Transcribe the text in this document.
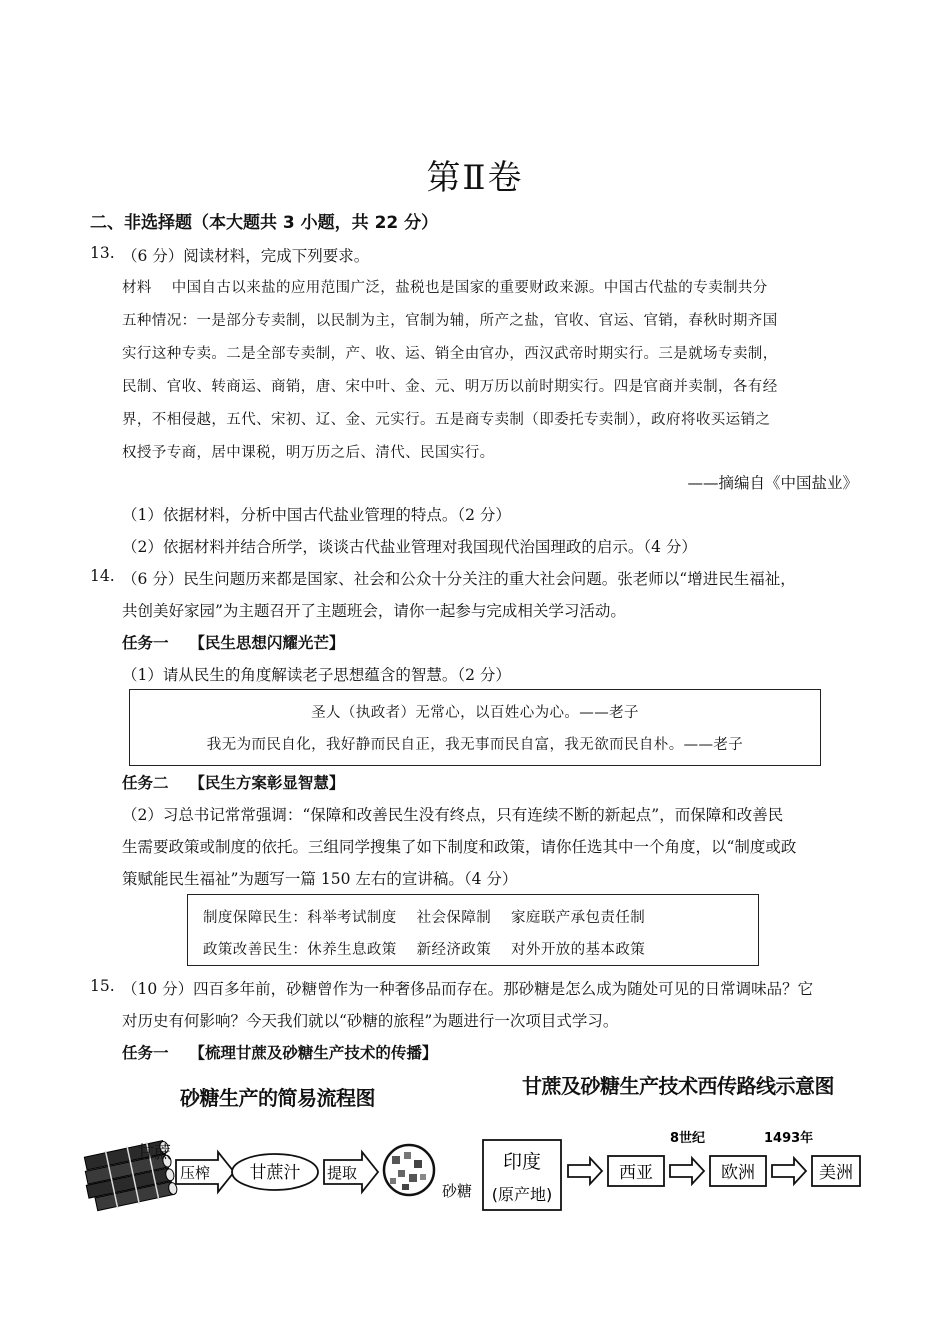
第Ⅱ卷
二、非选择题（本大题共 3 小题，共 22 分）
13. （6 分）阅读材料，完成下列要求。
材料　 中国自古以来盐的应用范围广泛，盐税也是国家的重要财政来源。中国古代盐的专卖制共分
五种情况：一是部分专卖制，以民制为主，官制为辅，所产之盐，官收、官运、官销，春秋时期齐国
实行这种专卖。二是全部专卖制，产、收、运、销全由官办，西汉武帝时期实行。三是就场专卖制，
民制、官收、转商运、商销，唐、宋中叶、金、元、明万历以前时期实行。四是官商并卖制，各有经
界，不相侵越，五代、宋初、辽、金、元实行。五是商专卖制（即委托专卖制），政府将收买运销之
权授予专商，居中课税，明万历之后、清代、民国实行。
——摘编自《中国盐业》
（1）依据材料，分析中国古代盐业管理的特点。（2 分）
（2）依据材料并结合所学，谈谈古代盐业管理对我国现代治国理政的启示。（4 分）
14. （6 分）民生问题历来都是国家、社会和公众十分关注的重大社会问题。张老师以“增进民生福祉，
共创美好家园”为主题召开了主题班会，请你一起参与完成相关学习活动。
任务一　 【民生思想闪耀光芒】
（1）请从民生的角度解读老子思想蕴含的智慧。（2 分）
圣人（执政者）无常心，以百姓心为心。——老子
我无为而民自化，我好静而民自正，我无事而民自富，我无欲而民自朴。——老子
任务二　 【民生方案彰显智慧】
（2）习总书记常常强调：“保障和改善民生没有终点，只有连续不断的新起点”，而保障和改善民
生需要政策或制度的依托。三组同学搜集了如下制度和政策，请你任选其中一个角度，以“制度或政
策赋能民生福祉”为题写一篇 150 左右的宣讲稿。（4 分）
制度保障民生：科举考试制度　 社会保障制　 家庭联产承包责任制
政策改善民生：休养生息政策　 新经济政策　 对外开放的基本政策
15. （10 分）四百多年前，砂糖曾作为一种奢侈品而存在。那砂糖是怎么成为随处可见的日常调味品？它
对历史有何影响？今天我们就以“砂糖的旅程”为题进行一次项目式学习。
任务一　 【梳理甘蔗及砂糖生产技术的传播】
砂糖生产的简易流程图	甘蔗及砂糖生产技术西传路线示意图
甘蔗
压榨 甘蔗汁 提取
砂糖
印度
(原产地)
西亚
8世纪
欧洲
1493年
美洲
